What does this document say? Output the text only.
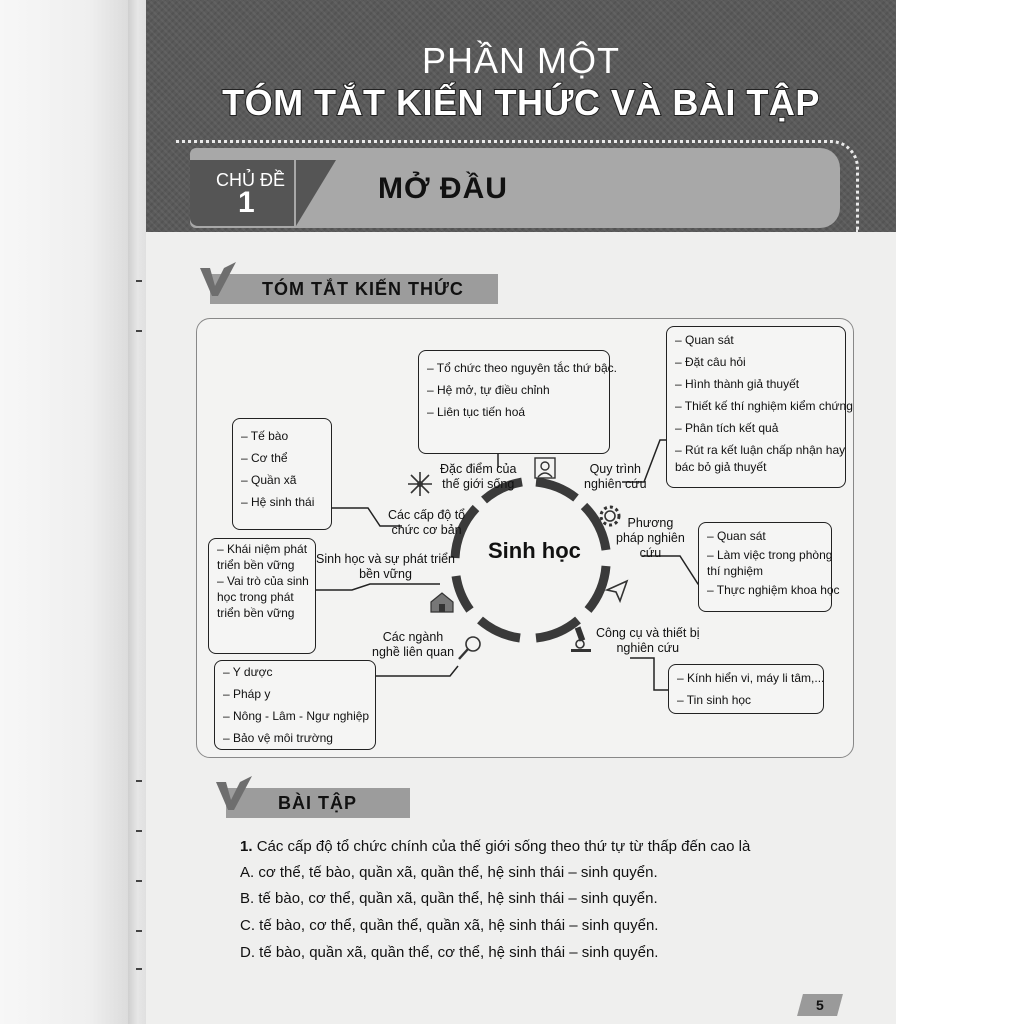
PHẦN MỘT
TÓM TẮT KIẾN THỨC VÀ BÀI TẬP
CHỦ ĐỀ
1	MỞ ĐẦU
TÓM TẮT KIẾN THỨC
Sinh học
Đặc điểm của
thế giới sống
Quy trình
nghiên cứu
Phương
pháp nghiên
cứu
Công cụ và thiết bị
nghiên cứu
Các ngành
nghề liên quan
Sinh học và sự phát triển
bền vững
Các cấp độ tổ
chức cơ bản
– Tổ chức theo nguyên tắc thứ bậc.
– Hệ mở, tự điều chỉnh
– Liên tục tiến hoá
– Quan sát
– Đặt câu hỏi
– Hình thành giả thuyết
– Thiết kế thí nghiệm kiểm chứng
– Phân tích kết quả
– Rút ra kết luận chấp nhận hay
bác bỏ giả thuyết
– Quan sát
– Làm việc trong phòng
thí nghiệm
– Thực nghiệm khoa học
– Kính hiển vi, máy li tâm,...
– Tin sinh học
– Tế bào
– Cơ thể
– Quần xã
– Hệ sinh thái
– Khái niệm phát
triển bền vững
– Vai trò của sinh
học trong phát
triển bền vững
– Y dược
– Pháp y
– Nông - Lâm - Ngư nghiệp
– Bảo vệ môi trường
BÀI TẬP
1. Các cấp độ tổ chức chính của thế giới sống theo thứ tự từ thấp đến cao là
A. cơ thể, tế bào, quần xã, quần thể, hệ sinh thái – sinh quyển.
B. tế bào, cơ thể, quần xã, quần thể, hệ sinh thái – sinh quyển.
C. tế bào, cơ thể, quần thể, quần xã, hệ sinh thái – sinh quyển.
D. tế bào, quần xã, quần thể, cơ thể, hệ sinh thái – sinh quyển.
5
